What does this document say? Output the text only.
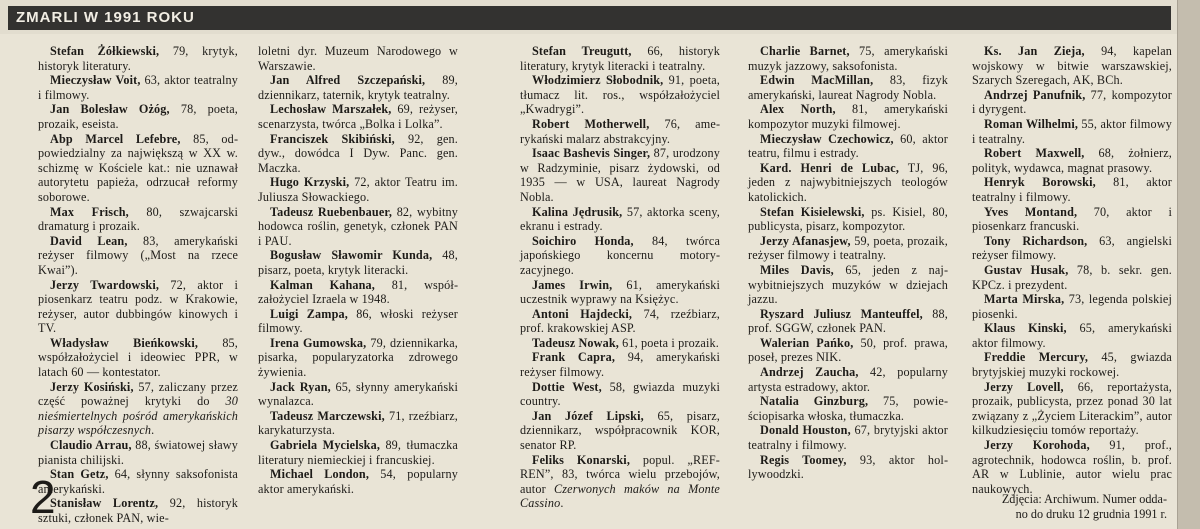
ZMARLI W 1991 ROKU

Stefan Żółkiewski, 79, krytyk, historyk literatury.

Mieczysław Voit, 63, aktor teatralny i filmowy.

Jan Bolesław Ożóg, 78, poeta, prozaik, eseista.

Abp Marcel Lefebre, 85, odpowiedzialny za największą w XX w. schizmę w Kościele kat.: nie uznawał autorytetu papieża, odrzucał reformy soborowe.

Max Frisch, 80, szwajcarski dramaturg i prozaik.

David Lean, 83, amerykański reżyser filmowy („Most na rzece Kwai”).

Jerzy Twardowski, 72, aktor i piosenkarz teatru podz. w Krakowie, reżyser, autor dubbingów kinowych i TV.

Władysław Bieńkowski, 85, współzałożyciel i ideowiec PPR, w latach 60 — kontestator.

Jerzy Kosiński, 57, zaliczany przez część poważnej krytyki do 30 nieśmiertelnych pośród amerykańskich pisarzy współczesnych.

Claudio Arrau, 88, światowej sławy pianista chilijski.

Stan Getz, 64, słynny saksofonista amerykański.

Stanisław Lorentz, 92, historyk sztuki, członek PAN, wie-

loletni dyr. Muzeum Narodowego w Warszawie.

Jan Alfred Szczepański, 89, dziennikarz, taternik, krytyk teatralny.

Lechosław Marszałek, 69, reżyser, scenarzysta, twórca „Bolka i Lolka”.

Franciszek Skibiński, 92, gen. dyw., dowódca I Dyw. Panc. gen. Maczka.

Hugo Krzyski, 72, aktor Teatru im. Juliusza Słowackiego.

Tadeusz Ruebenbauer, 82, wybitny hodowca roślin, genetyk, członek PAN i PAU.

Bogusław Sławomir Kunda, 48, pisarz, poeta, krytyk literacki.

Kalman Kahana, 81, współzałożyciel Izraela w 1948.

Luigi Zampa, 86, włoski reżyser filmowy.

Irena Gumowska, 79, dziennikarka, pisarka, popularyzatorka zdrowego żywienia.

Jack Ryan, 65, słynny amerykański wynalazca.

Tadeusz Marczewski, 71, rzeźbiarz, karykaturzysta.

Gabriela Mycielska, 89, tłumaczka literatury niemieckiej i francuskiej.

Michael London, 54, popularny aktor amerykański.

Stefan Treugutt, 66, historyk literatury, krytyk literacki i teatralny.

Włodzimierz Słobodnik, 91, poeta, tłumacz lit. ros., współzałożyciel „Kwadrygi”.

Robert Motherwell, 76, amerykański malarz abstrakcyjny.

Isaac Bashevis Singer, 87, urodzony w Radzyminie, pisarz żydowski, od 1935 — w USA, laureat Nagrody Nobla.

Kalina Jędrusik, 57, aktorka sceny, ekranu i estrady.

Soichiro Honda, 84, twórca japońskiego koncernu motoryzacyjnego.

James Irwin, 61, amerykański uczestnik wyprawy na Księżyc.

Antoni Hajdecki, 74, rzeźbiarz, prof. krakowskiej ASP.

Tadeusz Nowak, 61, poeta i prozaik.

Frank Capra, 94, amerykański reżyser filmowy.

Dottie West, 58, gwiazda muzyki country.

Jan Józef Lipski, 65, pisarz, dziennikarz, współpracownik KOR, senator RP.

Feliks Konarski, popul. „REF-REN”, 83, twórca wielu przebojów, autor Czerwonych maków na Monte Cassino.

Charlie Barnet, 75, amerykański muzyk jazzowy, saksofonista.

Edwin MacMillan, 83, fizyk amerykański, laureat Nagrody Nobla.

Alex North, 81, amerykański kompozytor muzyki filmowej.

Mieczysław Czechowicz, 60, aktor teatru, filmu i estrady.

Kard. Henri de Lubac, TJ, 96, jeden z najwybitniejszych teologów katolickich.

Stefan Kisielewski, ps. Kisiel, 80, publicysta, pisarz, kompozytor.

Jerzy Afanasjew, 59, poeta, prozaik, reżyser filmowy i teatralny.

Miles Davis, 65, jeden z najwybitniejszych muzyków w dziejach jazzu.

Ryszard Juliusz Manteuffel, 88, prof. SGGW, członek PAN.

Walerian Pańko, 50, prof. prawa, poseł, prezes NIK.

Andrzej Zaucha, 42, popularny artysta estradowy, aktor.

Natalia Ginzburg, 75, powieściopisarka włoska, tłumaczka.

Donald Houston, 67, brytyjski aktor teatralny i filmowy.

Regis Toomey, 93, aktor hollywoodzki.

Ks. Jan Zieja, 94, kapelan wojskowy w bitwie warszawskiej, Szarych Szeregach, AK, BCh.

Andrzej Panufnik, 77, kompozytor i dyrygent.

Roman Wilhelmi, 55, aktor filmowy i teatralny.

Robert Maxwell, 68, żołnierz, polityk, wydawca, magnat prasowy.

Henryk Borowski, 81, aktor teatralny i filmowy.

Yves Montand, 70, aktor i piosenkarz francuski.

Tony Richardson, 63, angielski reżyser filmowy.

Gustav Husak, 78, b. sekr. gen. KPCz. i prezydent.

Marta Mirska, 73, legenda polskiej piosenki.

Klaus Kinski, 65, amerykański aktor filmowy.

Freddie Mercury, 45, gwiazda brytyjskiej muzyki rockowej.

Jerzy Lovell, 66, reportażysta, prozaik, publicysta, przez ponad 30 lat związany z „Życiem Literackim”, autor kilkudziesięciu tomów reportaży.

Jerzy Korohoda, 91, prof., agrotechnik, hodowca roślin, b. prof. AR w Lublinie, autor wielu prac naukowych.

2	Zdjęcia: Archiwum. Numer odda-
no do druku 12 grudnia 1991 r.
